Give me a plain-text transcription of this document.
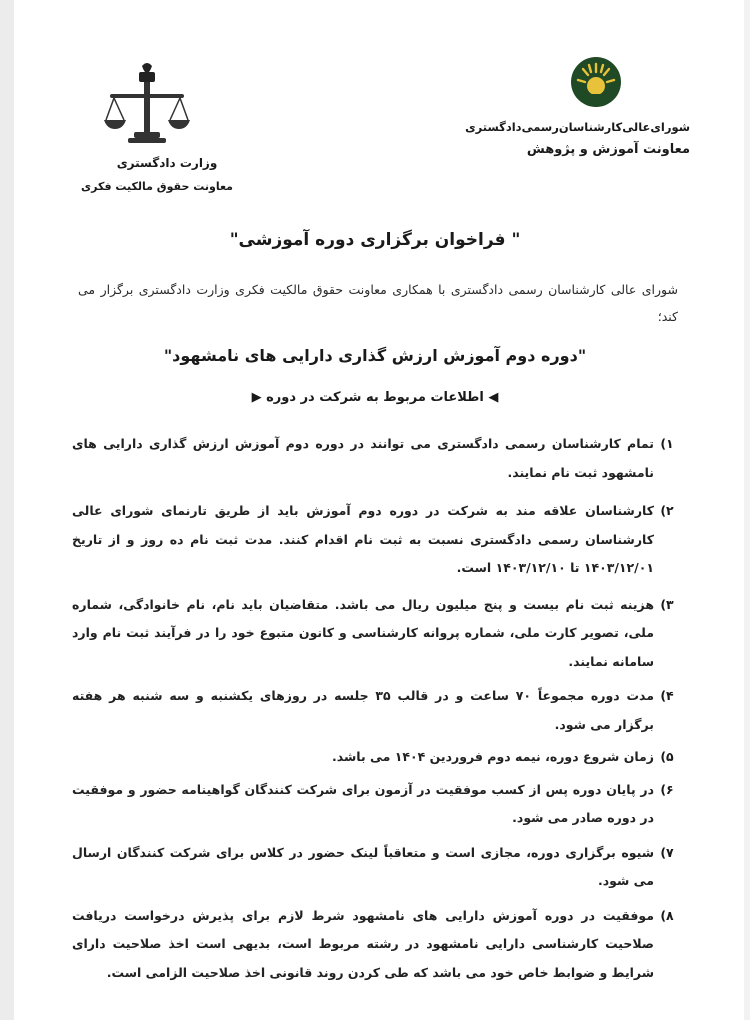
وزارت دادگستری
معاونت حقوق مالکیت فکری
شورای‌عالی‌کارشناسان‌رسمی‌دادگستری
معاونت آموزش و پژوهش
" فراخوان برگزاری دوره آموزشی"
شورای عالی کارشناسان رسمی دادگستری با همکاری معاونت حقوق مالکیت فکری وزارت دادگستری برگزار می کند؛
"دوره دوم آموزش ارزش گذاری دارایی های نامشهود"
◀ اطلاعات مربوط به شرکت در دوره ▶
۱)
تمام کارشناسان رسمی دادگستری می توانند در دوره دوم آموزش ارزش گذاری دارایی های نامشهود ثبت نام نمایند.
۲)
کارشناسان علاقه مند به شرکت در دوره دوم آموزش باید از طریق تارنمای شورای عالی کارشناسان رسمی دادگستری نسبت به ثبت نام اقدام کنند. مدت ثبت نام ده روز و از تاریخ ۱۴۰۳/۱۲/۰۱ تا ۱۴۰۳/۱۲/۱۰ است.
۳)
هزینه ثبت نام بیست و پنج میلیون ریال می باشد. متقاضیان باید نام، نام خانوادگی، شماره ملی، تصویر کارت ملی، شماره پروانه کارشناسی و کانون متبوع خود را در فرآیند ثبت نام وارد سامانه نمایند.
۴)
مدت دوره مجموعاً ۷۰ ساعت و در قالب ۳۵ جلسه در روزهای یکشنبه و سه شنبه هر هفته برگزار می شود.
۵)
زمان شروع دوره، نیمه دوم فروردین ۱۴۰۴ می باشد.
۶)
در پایان دوره پس از کسب موفقیت در آزمون برای شرکت کنندگان گواهینامه حضور و موفقیت در دوره صادر می شود.
۷)
شیوه برگزاری دوره، مجازی است و متعاقباً لینک حضور در کلاس برای شرکت کنندگان ارسال می شود.
۸)
موفقیت در دوره آموزش دارایی های نامشهود شرط لازم برای پذیرش درخواست دریافت صلاحیت کارشناسی دارایی نامشهود در رشته مربوط است، بدیهی است اخذ صلاحیت دارای شرایط و ضوابط خاص خود می باشد که طی کردن روند قانونی اخذ صلاحیت الزامی است.
